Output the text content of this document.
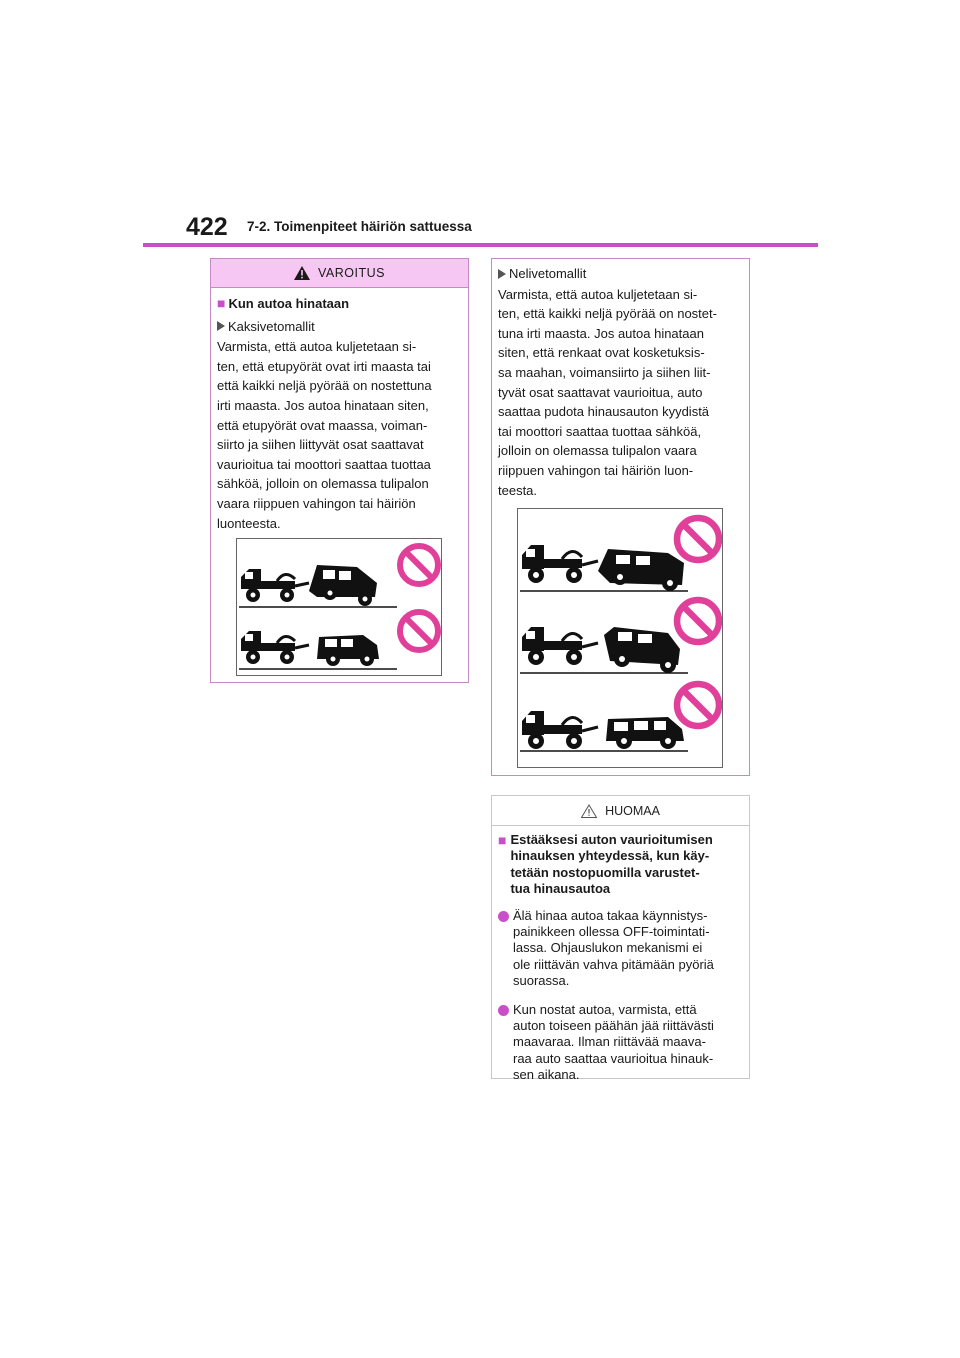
422 7-2. Toimenpiteet häiriön sattuessa
VAROITUS
■ Kun autoa hinataan
Kaksivetomallit
Varmista, että autoa kuljetetaan si-
ten, että etupyörät ovat irti maasta tai
että kaikki neljä pyörää on nostettuna
irti maasta. Jos autoa hinataan siten,
että etupyörät ovat maassa, voiman-
siirto ja siihen liittyvät osat saattavat
vaurioitua tai moottori saattaa tuottaa
sähköä, jolloin on olemassa tulipalon
vaara riippuen vahingon tai häiriön
luonteesta.
Nelivetomallit
Varmista, että autoa kuljetetaan si-
ten, että kaikki neljä pyörää on nostet-
tuna irti maasta. Jos autoa hinataan
siten, että renkaat ovat kosketuksis-
sa maahan, voimansiirto ja siihen liit-
tyvät osat saattavat vaurioitua, auto
saattaa pudota hinausauton kyydistä
tai moottori saattaa tuottaa sähköä,
jolloin on olemassa tulipalon vaara
riippuen vahingon tai häiriön luon-
teesta.
HUOMAA
■ Estääksesi auton vaurioitumisen
hinauksen yhteydessä, kun käy-
tetään nostopuomilla varustet-
tua hinausautoa
Älä hinaa autoa takaa käynnistys-
painikkeen ollessa OFF-toimintati-
lassa. Ohjauslukon mekanismi ei
ole riittävän vahva pitämään pyöriä
suorassa.
Kun nostat autoa, varmista, että
auton toiseen päähän jää riittävästi
maavaraa. Ilman riittävää maava-
raa auto saattaa vaurioitua hinauk-
sen aikana.
